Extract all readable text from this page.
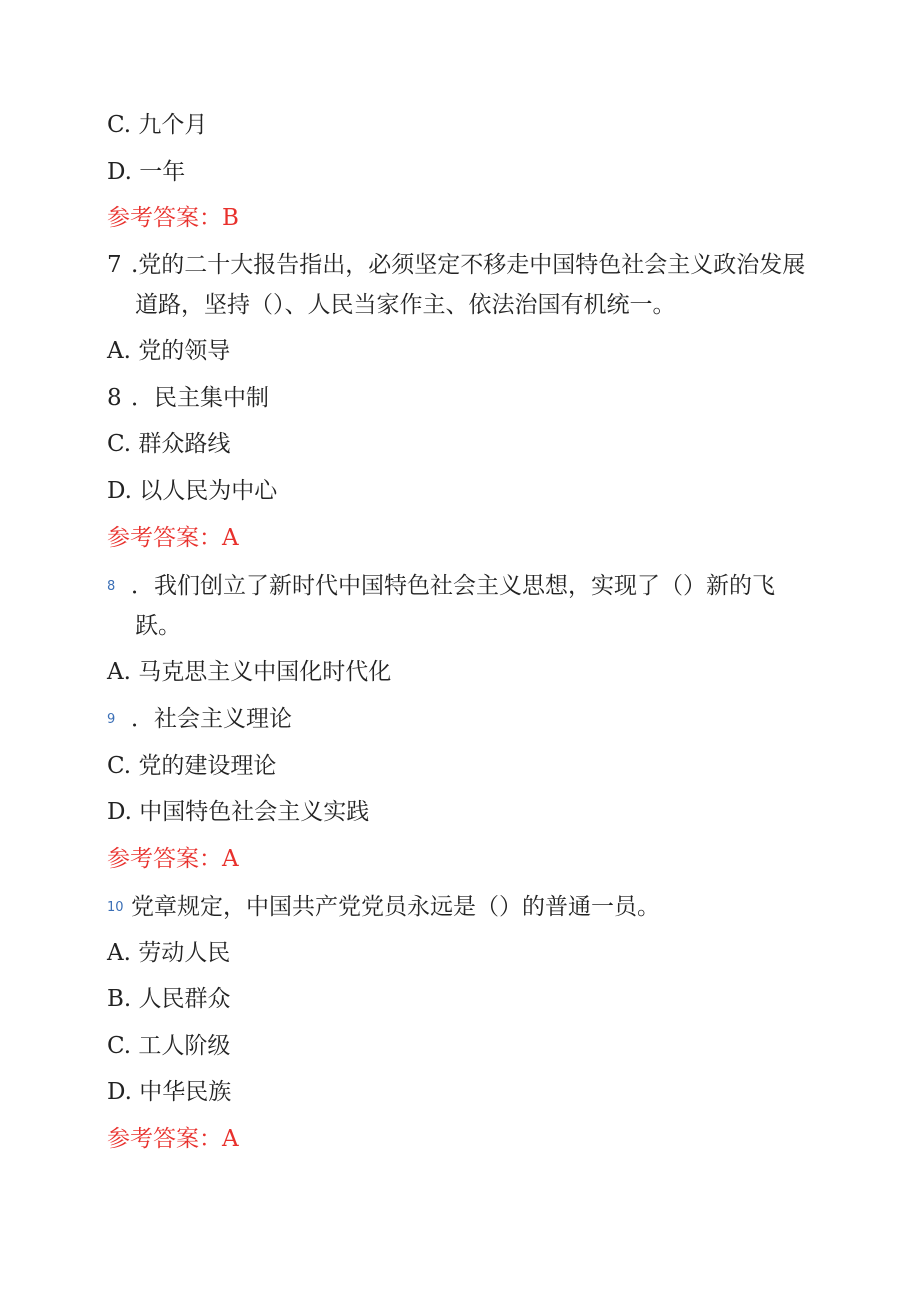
C. 九个月
D. 一年
参考答案：B
7 .党的二十大报告指出，必须坚定不移走中国特色社会主义政治发展
道路，坚持（）、人民当家作主、依法治国有机统一。
A. 党的领导
8 ．民主集中制
C. 群众路线
D. 以人民为中心
参考答案：A
8 ．我们创立了新时代中国特色社会主义思想，实现了（）新的飞
跃。
A. 马克思主义中国化时代化
9 ．社会主义理论
C. 党的建设理论
D. 中国特色社会主义实践
参考答案：A
10 党章规定，中国共产党党员永远是（）的普通一员。
A. 劳动人民
B. 人民群众
C. 工人阶级
D. 中华民族
参考答案：A
